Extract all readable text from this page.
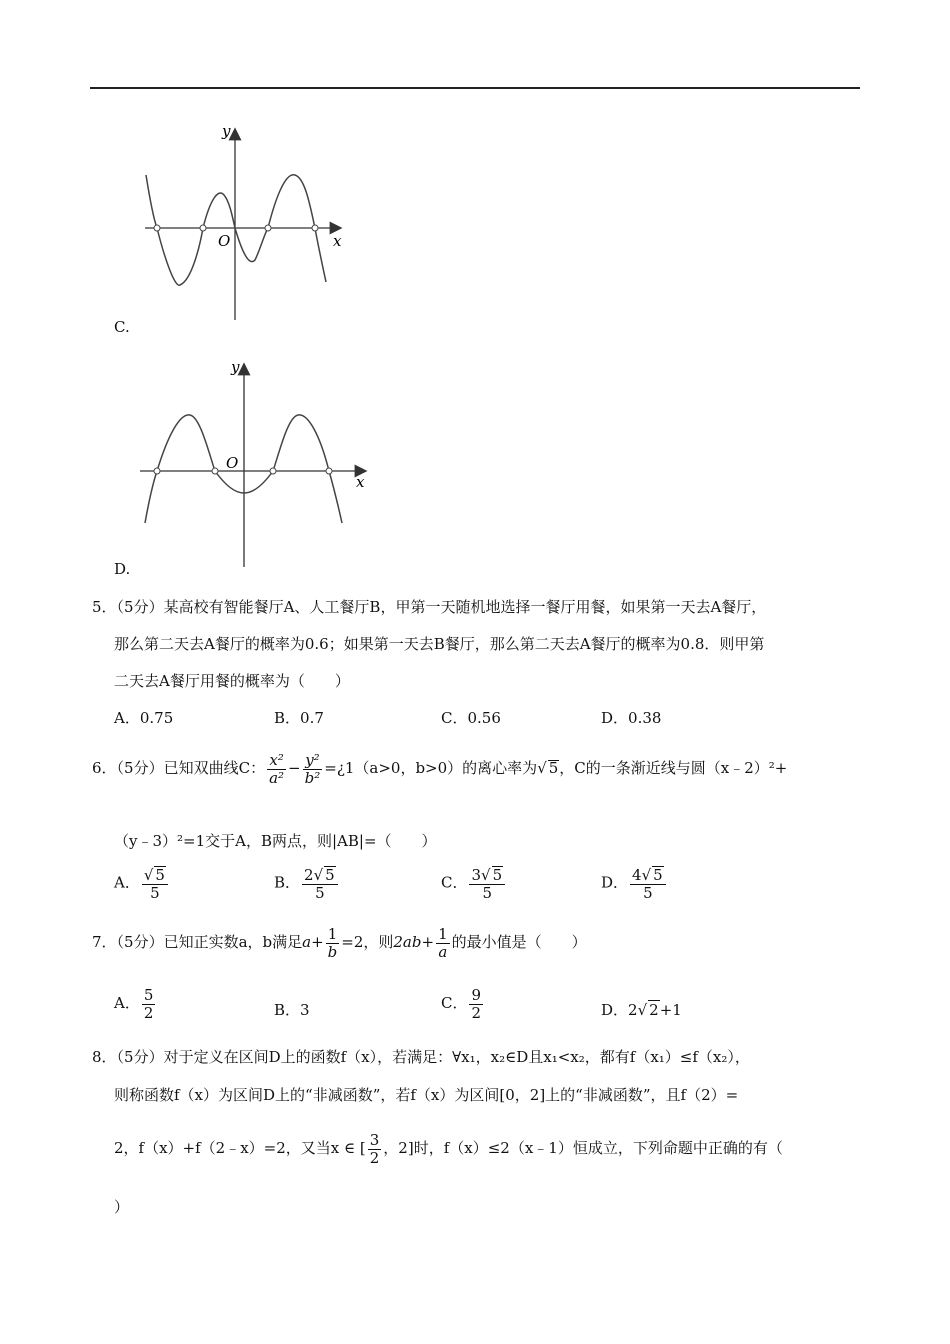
y
x
O
C.
y
x
O
D.
5．（5分）某高校有智能餐厅A、人工餐厅B，甲第一天随机地选择一餐厅用餐，如果第一天去A餐厅，
那么第二天去A餐厅的概率为0.6；如果第一天去B餐厅，那么第二天去A餐厅的概率为0.8．则甲第
二天去A餐厅用餐的概率为（　　）
A．0.75	B．0.7	C．0.56	D．0.38
6．（5分）已知双曲线C： $\frac{\text{x²}}{\text{a²}} - \frac{\text{y²}}{\text{b²}}$ =¿1（a>0，b>0）的离心率为√ 5，C的一条渐近线与圆（x﹣2）²+
（y﹣3）²=1交于A，B两点，则|AB|=（　　）
A． $\frac{√ 5}{5}$	B． $\frac{2√ 5}{5}$	C． $\frac{3√ 5}{5}$	D． $\frac{4√ 5}{5}$
7．（5分）已知正实数a，b满足$a+ \frac{1}{b} =2$，则$2ab+ \frac{1}{a}$ 的最小值是（　　）
A． $\frac{5}{2}$	B．3	C． $\frac{9}{2}$	D．2√ 2+1
8．（5分）对于定义在区间D上的函数f（x），若满足：∀x₁，x₂∈D且x₁<x₂，都有f（x₁）≤f（x₂），
则称函数f（x）为区间D上的“非减函数”，若f（x）为区间[0，2]上的“非减函数”，且f（2）=
2，f（x）+f（2﹣x）=2，又当x ∈ [ $\frac{3}{2}$ ，2]时，f（x）≤2（x﹣1）恒成立，下列命题中正确的有（
）
